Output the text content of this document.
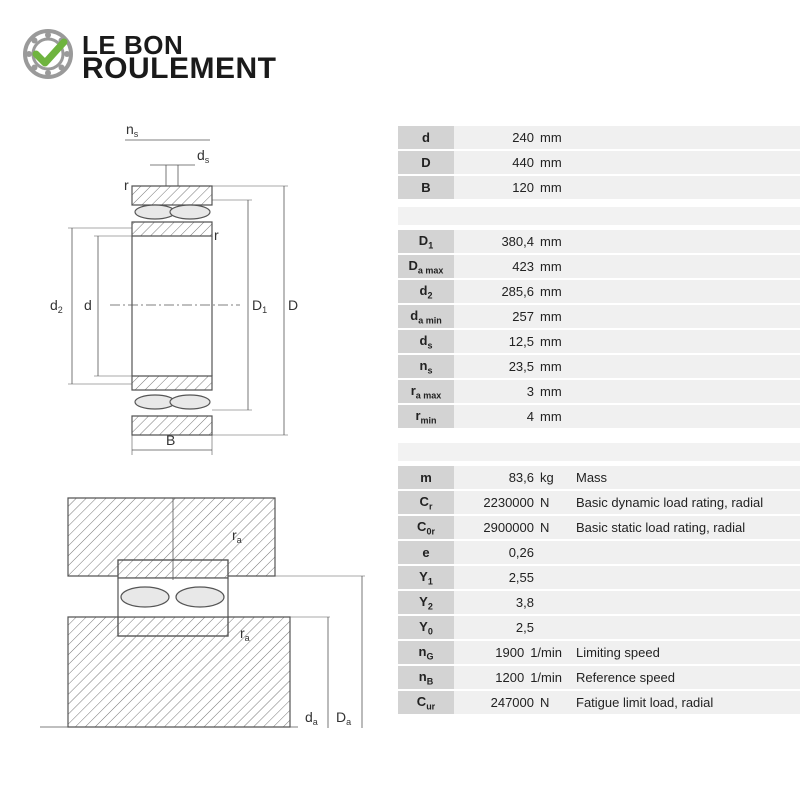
LE BON
ROULEMENT
$n_s$
$d_s$
r
r
$d_2$ d	$D_1$ D
B
$r_a$
$r_a$
$d_a$ $D_a$
d	240 mm	
D	440 mm	
B	120 mm	
$D_1$	380,4 mm	
$D_{a max}$	423 mm	
$d_2$	285,6 mm	
$d_{a min}$	257 mm	
$d_s$	12,5 mm	
$n_s$	23,5 mm	
$r_{a max}$	3 mm	
$r_{min}$	4 mm	
m	83,6 kg	Mass
$C_r$	2230000 N	Basic dynamic load rating, radial
$C_{0r}$	2900000 N	Basic static load rating, radial
e	0,26	
$Y_1$	2,55	
$Y_2$	3,8	
$Y_0$	2,5	
$n_G$	1900 1/min	Limiting speed
$n_B$	1200 1/min	Reference speed
$C_{ur}$	247000 N	Fatigue limit load, radial
